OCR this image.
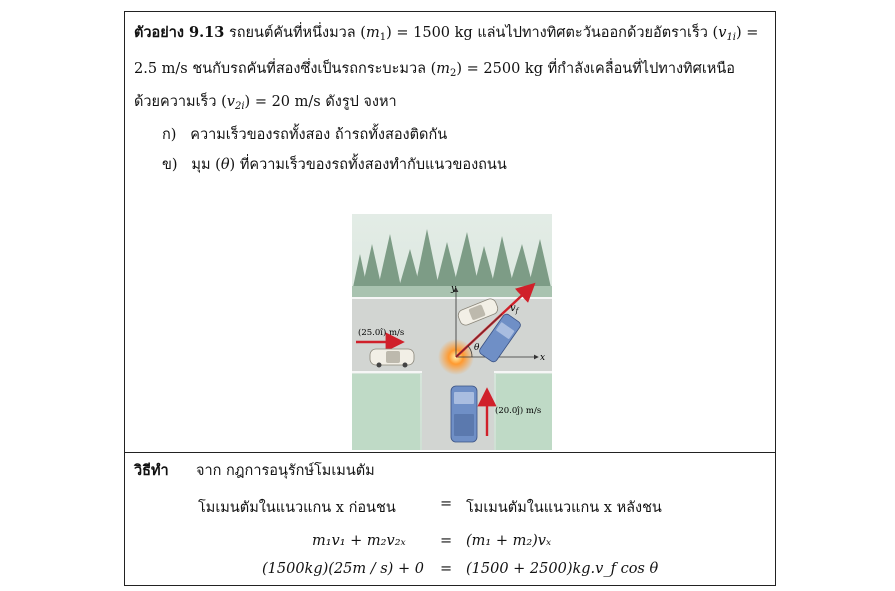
ตัวอย่าง 9.13 รถยนต์คันที่หนึ่งมวล $(m_1) = 1500$ kg แล่นไปทางทิศตะวันออกด้วยอัตราเร็ว $(v_{1i})$ =
2.5 m/s ชนกับรถคันที่สองซึ่งเป็นรถกระบะมวล $(m_2) = 2500$ kg ที่กำลังเคลื่อนที่ไปทางทิศเหนือ
ด้วยความเร็ว $(v_{2i}) = 20$ m/s ดังรูป จงหา
ก) ความเร็วของรถทั้งสอง ถ้ารถทั้งสองติดกัน
ข) มุม (θ) ที่ความเร็วของรถทั้งสองทำกับแนวของถนน
y
x
$v_f$
θ
(25.0î) m/s
(20.0ĵ) m/s
วิธีทำ จาก กฎการอนุรักษ์โมเมนตัม
โมเมนตัมในแนวแกน x ก่อนชน	= โมเมนตัมในแนวแกน x หลังชน
m₁v₁ + m₂v₂ₓ = (m₁ + m₂)vₓ
(1500kg)(25m / s) + 0 = (1500 + 2500)kg.v_f cos θ
